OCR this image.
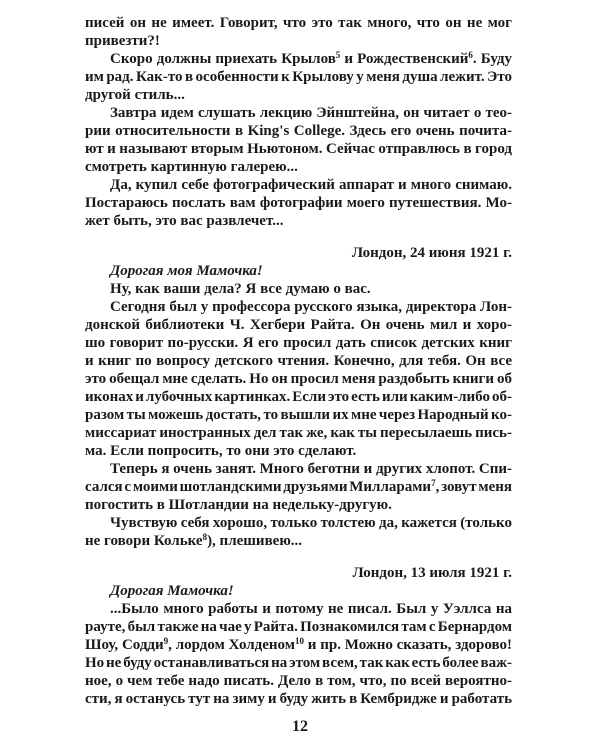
писей он не имеет. Говорит, что это так много, что он не мог
привезти?!
Скоро должны приехать Крылов$^5$ и Рождественский$^6$. Буду
им рад. Как-то в особенности к Крылову у меня душа лежит. Это
другой стиль...
Завтра идем слушать лекцию Эйнштейна, он читает о тео-
рии относительности в King's College. Здесь его очень почита-
ют и называют вторым Ньютоном. Сейчас отправлюсь в город
смотреть картинную галерею...
Да, купил себе фотографический аппарат и много снимаю.
Постараюсь послать вам фотографии моего путешествия. Мо-
жет быть, это вас развлечет...
Лондон, 24 июня 1921 г.
Дорогая моя Мамочка!
Ну, как ваши дела? Я все думаю о вас.
Сегодня был у профессора русского языка, директора Лон-
донской библиотеки Ч. Хегбери Райта. Он очень мил и хоро-
шо говорит по-русски. Я его просил дать список детских книг
и книг по вопросу детского чтения. Конечно, для тебя. Он все
это обещал мне сделать. Но он просил меня раздобыть книги об
иконах и лубочных картинках. Если это есть или каким-либо об-
разом ты можешь достать, то вышли их мне через Народный ко-
миссариат иностранных дел так же, как ты пересылаешь пись-
ма. Если попросить, то они это сделают.
Теперь я очень занят. Много беготни и других хлопот. Спи-
сался с моими шотландскими друзьями Милларами$^7$, зовут меня
погостить в Шотландии на недельку-другую.
Чувствую себя хорошо, только толстею да, кажется (только
не говори Кольке$^8$), плешивею...
Лондон, 13 июля 1921 г.
Дорогая Мамочка!
...Было много работы и потому не писал. Был у Уэллса на
рауте, был также на чае у Райта. Познакомился там с Бернардом
Шоу, Содди$^9$, лордом Холденом$^{10}$ и пр. Можно сказать, здорово!
Но не буду останавливаться на этом всем, так как есть более важ-
ное, о чем тебе надо писать. Дело в том, что, по всей вероятно-
сти, я останусь тут на зиму и буду жить в Кембридже и работать
12
